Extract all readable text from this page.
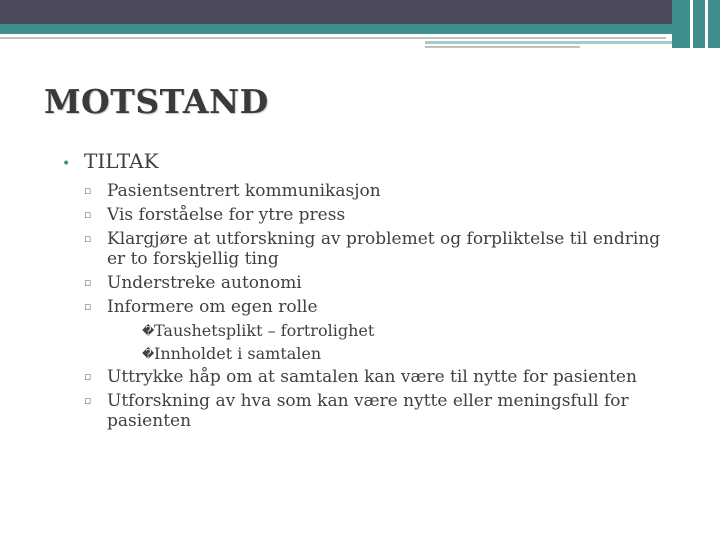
MOTSTAND
• TILTAK
▫ Pasientsentrert kommunikasjon
▫ Vis forståelse for ytre press
▫ Klargjøre at utforskning av problemet og forpliktelse til endring er to forskjellig ting
▫ Understreke autonomi
▫ Informere om egen rolle
� Taushetsplikt – fortrolighet
� Innholdet i samtalen
▫ Uttrykke håp om at samtalen kan være til nytte for pasienten
▫ Utforskning av hva som kan være nytte eller meningsfull for pasienten
